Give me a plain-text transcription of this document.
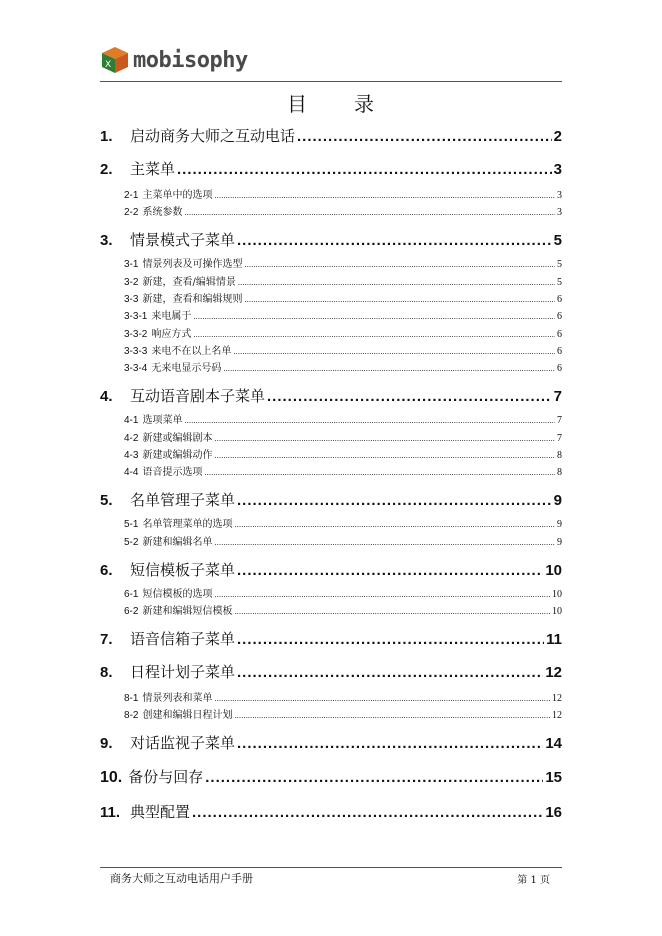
X mobisophy
目 录
1.	启动商务大师之互动电话 .....	2
2.	主菜单 .....	3
2-1 主菜单中的选项 .....	3
2-2 系统参数 .....	3
3.	情景模式子菜单 .....	5
3-1 情景列表及可操作选型 .....	5
3-2 新建，查看/编辑情景 .....	5
3-3 新建，查看和编辑规则 .....	6
3-3-1 来电属于 .....	6
3-3-2 响应方式 .....	6
3-3-3 来电不在以上名单 .....	6
3-3-4 无来电显示号码 .....	6
4.	互动语音剧本子菜单 .....	7
4-1 选项菜单 .....	7
4-2 新建或编辑剧本 .....	7
4-3 新建或编辑动作 .....	8
4-4 语音提示选项 .....	8
5.	名单管理子菜单 .....	9
5-1 名单管理菜单的选项 .....	9
5-2 新建和编辑名单 .....	9
6.	短信模板子菜单 .....	10
6-1 短信模板的选项 .....	10
6-2 新建和编辑短信模板 .....	10
7.	语音信箱子菜单 .....	11
8.	日程计划子菜单 .....	12
8-1 情景列表和菜单 .....	12
8-2 创建和编辑日程计划 .....	12
9.	对话监视子菜单 .....	14
10. 备份与回存 .....	15
11. 典型配置 .....	16
商务大师之互动电话用户手册	第 1 页
